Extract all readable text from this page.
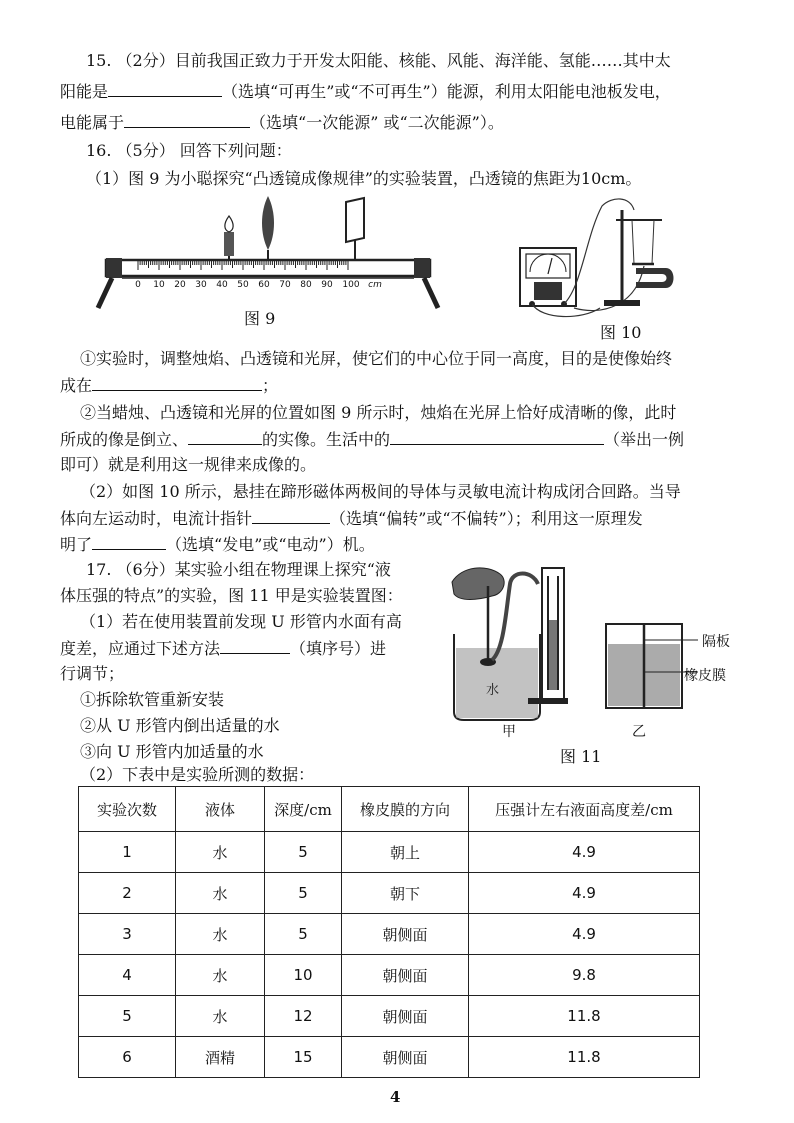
15. （2分）目前我国正致力于开发太阳能、核能、风能、海洋能、氢能……其中太
阳能是	（选填“可再生”或“不可再生”）能源，利用太阳能电池板发电，
电能属于	（选填“一次能源” 或“二次能源”）。
16. （5分） 回答下列问题：
（1）图 9 为小聪探究“凸透镜成像规律”的实验装置，凸透镜的焦距为10cm。
0 10 20 30 40 50 60 70 80 90 100 cm
图 9
图 10
①实验时，调整烛焰、凸透镜和光屏，使它们的中心位于同一高度，目的是使像始终
成在	；
②当蜡烛、凸透镜和光屏的位置如图 9 所示时，烛焰在光屏上恰好成清晰的像，此时
所成的像是倒立、	的实像。生活中的	（举出一例
即可）就是利用这一规律来成像的。
（2）如图 10 所示，悬挂在蹄形磁体两极间的导体与灵敏电流计构成闭合回路。当导
体向左运动时，电流计指针	（选填“偏转”或“不偏转”）；利用这一原理发
明了	（选填“发电”或“电动”）机。
17. （6分）某实验小组在物理课上探究“液
体压强的特点”的实验，图 11 甲是实验装置图：
（1）若在使用装置前发现 U 形管内水面有高
度差，应通过下述方法	（填序号）进
行调节；
①拆除软管重新安装
②从 U 形管内倒出适量的水
③向 U 形管内加适量的水
（2）下表中是实验所测的数据：
水
甲
隔板
橡皮膜
乙
图 11
实验次数	液体	深度/cm	橡皮膜的方向	压强计左右液面高度差/cm
1	水	5	朝上	4.9
2	水	5	朝下	4.9
3	水	5	朝侧面	4.9
4	水	10	朝侧面	9.8
5	水	12	朝侧面	11.8
6	酒精	15	朝侧面	11.8
4
